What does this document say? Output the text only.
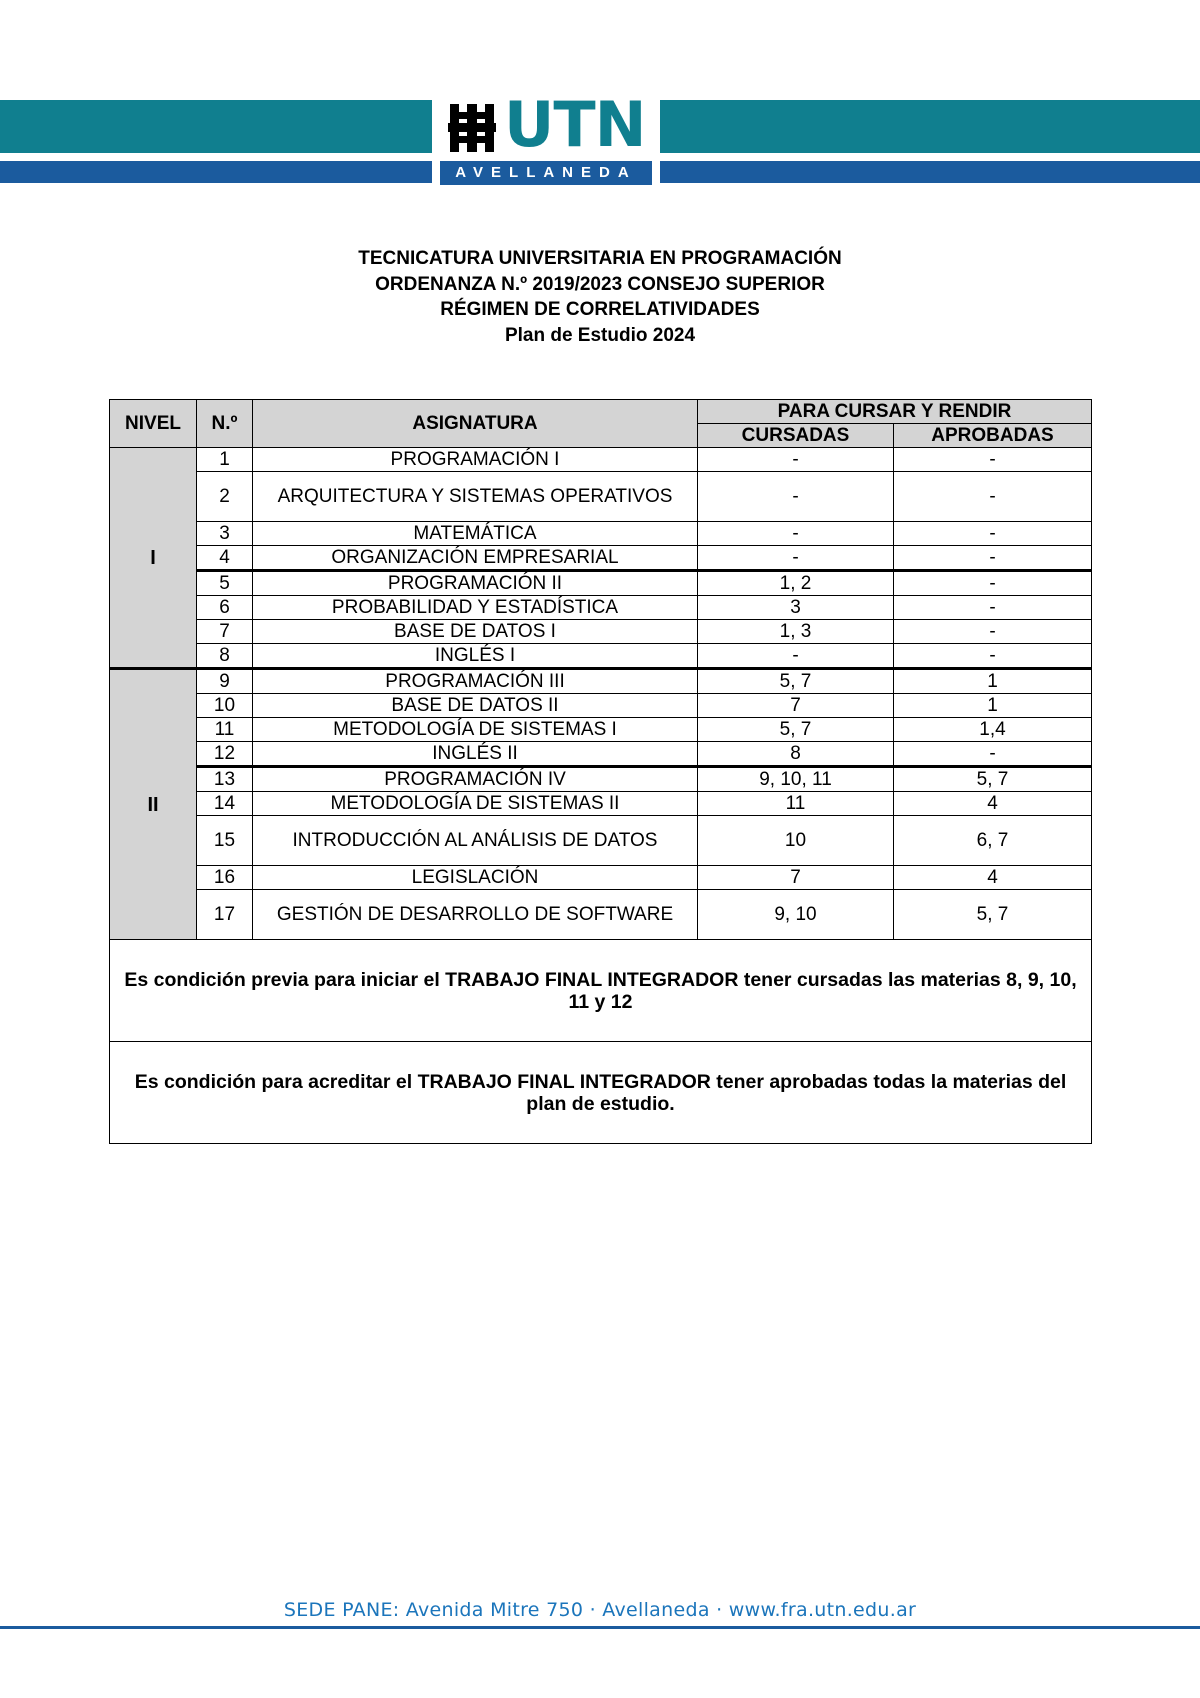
UTN
AVELLANEDA
TECNICATURA UNIVERSITARIA EN PROGRAMACIÓN
ORDENANZA N.º 2019/2023 CONSEJO SUPERIOR
RÉGIMEN DE CORRELATIVIDADES
Plan de Estudio 2024
NIVEL	N.º	ASIGNATURA	PARA CURSAR Y RENDIR	
			CURSADAS	APROBADAS
I	1	PROGRAMACIÓN I	-	-
	2	ARQUITECTURA Y SISTEMAS OPERATIVOS	-	-
	3	MATEMÁTICA	-	-
	4	ORGANIZACIÓN EMPRESARIAL	-	-
	5	PROGRAMACIÓN II	1, 2	-
	6	PROBABILIDAD Y ESTADÍSTICA	3	-
	7	BASE DE DATOS I	1, 3	-
	8	INGLÉS I	-	-
II	9	PROGRAMACIÓN III	5, 7	1
	10	BASE DE DATOS II	7	1
	11	METODOLOGÍA DE SISTEMAS I	5, 7	1,4
	12	INGLÉS II	8	-
	13	PROGRAMACIÓN IV	9, 10, 11	5, 7
	14	METODOLOGÍA DE SISTEMAS II	11	4
	15	INTRODUCCIÓN AL ANÁLISIS DE DATOS	10	6, 7
	16	LEGISLACIÓN	7	4
	17	GESTIÓN DE DESARROLLO DE SOFTWARE	9, 10	5, 7
Es condición previa para iniciar el TRABAJO FINAL INTEGRADOR tener cursadas las materias 8, 9, 10, 11 y 12				
Es condición para acreditar el TRABAJO FINAL INTEGRADOR tener aprobadas todas la materias del plan de estudio.				
SEDE PANE: Avenida Mitre 750 · Avellaneda · www.fra.utn.edu.ar
